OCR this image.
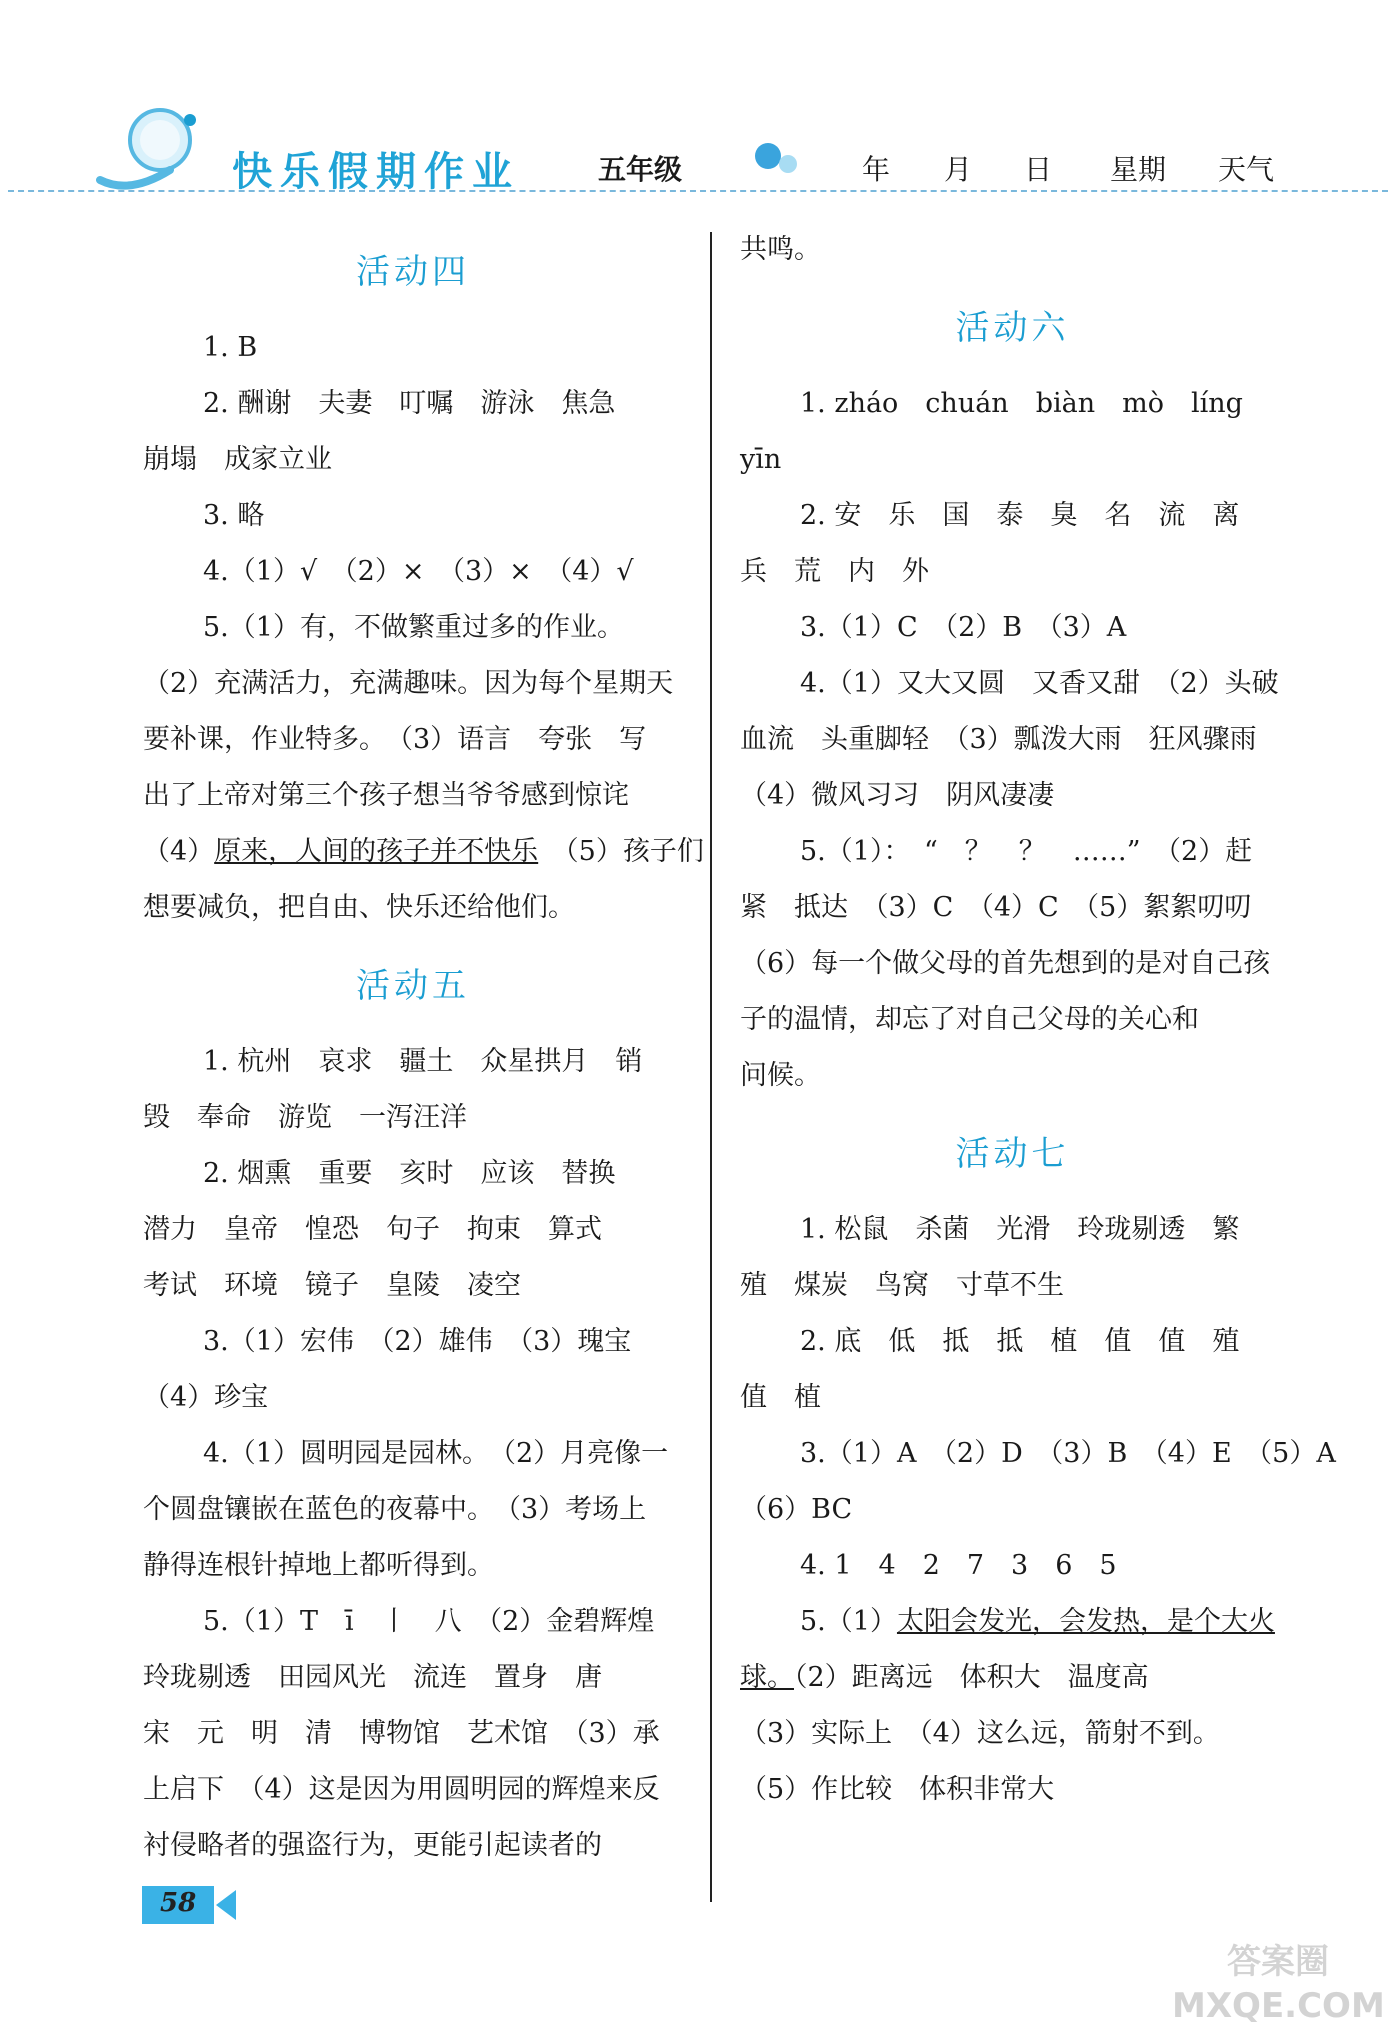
快乐假期作业	五年级	年 月 日 星期 天气
活动四
1. B
2. 酬谢　夫妻　叮嘱　游泳　焦急
崩塌　成家立业
3. 略
4.（1）√　（2）×　（3）×　（4）√
5.（1）有，不做繁重过多的作业。
（2）充满活力，充满趣味。因为每个星期天
要补课，作业特多。　（3）语言　夸张　写
出了上帝对第三个孩子想当爷爷感到惊诧
（4）原来，人间的孩子并不快乐　（5）孩子们
想要减负，把自由、快乐还给他们。
活动五
1. 杭州　哀求　疆土　众星拱月　销
毁　奉命　游览　一泻汪洋
2. 烟熏　重要　亥时　应该　替换
潜力　皇帝　惶恐　句子　拘束　算式
考试　环境　镜子　皇陵　凌空
3.（1）宏伟　（2）雄伟　（3）瑰宝
（4）珍宝
4.（1）圆明园是园林。　（2）月亮像一
个圆盘镶嵌在蓝色的夜幕中。　（3）考场上
静得连根针掉地上都听得到。
5.（1）T　ī　丨　八　（2）金碧辉煌
玲珑剔透　田园风光　流连　置身　唐
宋　元　明　清　博物馆　艺术馆　（3）承
上启下　（4）这是因为用圆明园的辉煌来反
衬侵略者的强盗行为，更能引起读者的
共鸣。
活动六
1. zháo　chuán　biàn　mò　líng
yīn
2. 安　乐　国　泰　臭　名　流　离
兵　荒　内　外
3.（1）C　（2）B　（3）A
4.（1）又大又圆　又香又甜　（2）头破
血流　头重脚轻　（3）瓢泼大雨　狂风骤雨
（4）微风习习　阴风凄凄
5.（1）：　“　？　？　……”　（2）赶
紧　抵达　（3）C　（4）C　（5）絮絮叨叨
（6）每一个做父母的首先想到的是对自己孩
子的温情，却忘了对自己父母的关心和
问候。
活动七
1. 松鼠　杀菌　光滑　玲珑剔透　繁
殖　煤炭　鸟窝　寸草不生
2. 底　低　抵　抵　植　值　值　殖
值　植
3.（1）A　（2）D　（3）B　（4）E　（5）A
（6）BC
4. 1　4　2　7　3　6　5
5.（1）太阳会发光，会发热，是个大火
球。（2）距离远　体积大　温度高
（3）实际上　（4）这么远，箭射不到。
（5）作比较　体积非常大
58
答案圈 MXQE.COM
